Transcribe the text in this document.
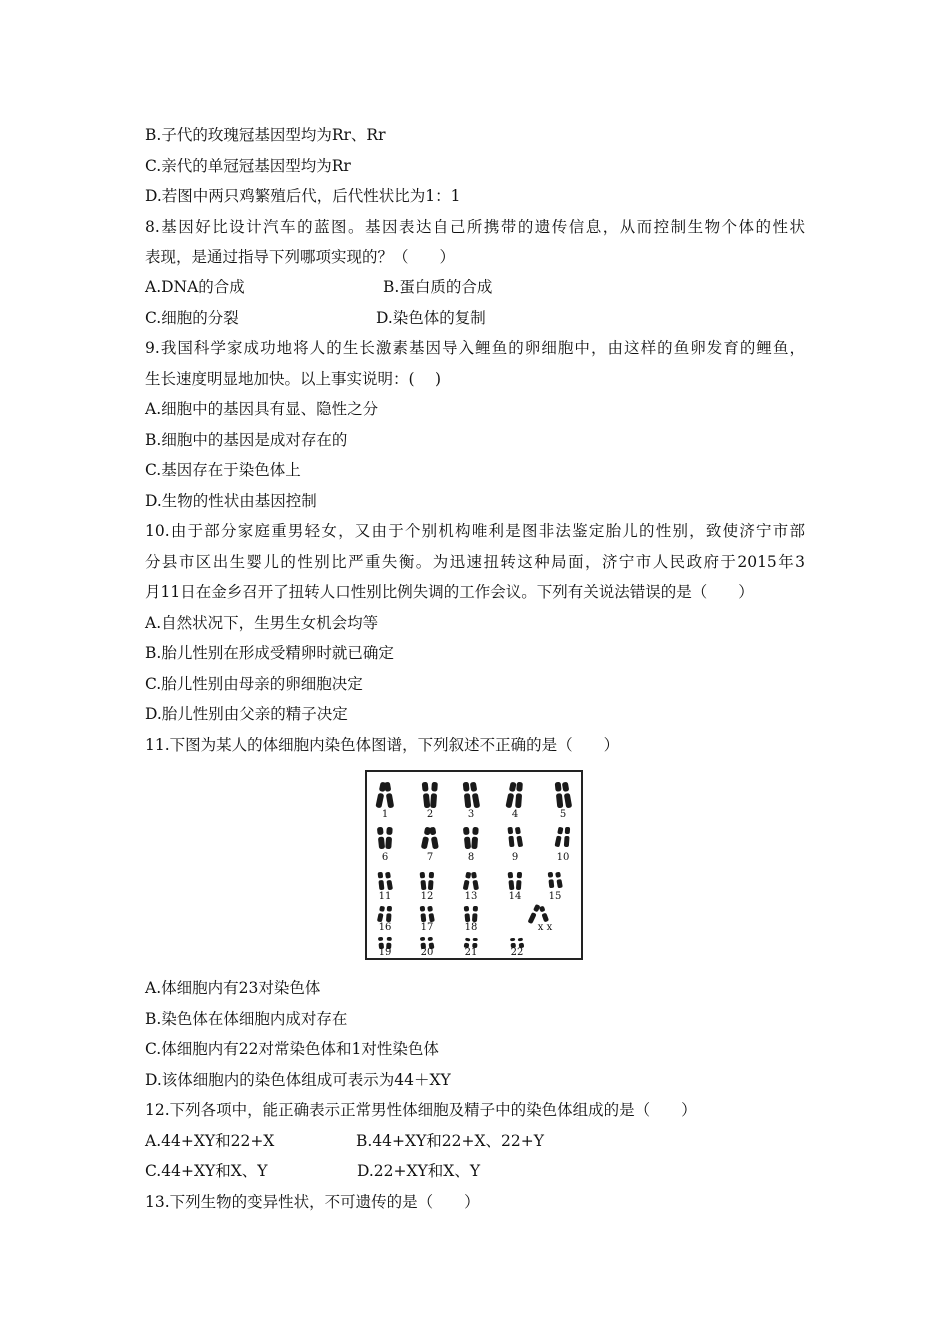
B.子代的玫瑰冠基因型均为Rr、Rr
C.亲代的单冠冠基因型均为Rr
D.若图中两只鸡繁殖后代，后代性状比为1：1
8.基因好比设计汽车的蓝图。基因表达自己所携带的遗传信息，从而控制生物个体的性状
表现，是通过指导下列哪项实现的？（　　）
A.DNA的合成	B.蛋白质的合成
C.细胞的分裂	D.染色体的复制
9.我国科学家成功地将人的生长激素基因导入鲤鱼的卵细胞中，由这样的鱼卵发育的鲤鱼，
生长速度明显地加快。以上事实说明：(　 )
A.细胞中的基因具有显、隐性之分
B.细胞中的基因是成对存在的
C.基因存在于染色体上
D.生物的性状由基因控制
10.由于部分家庭重男轻女，又由于个别机构唯利是图非法鉴定胎儿的性别，致使济宁市部
分县市区出生婴儿的性别比严重失衡。为迅速扭转这种局面，济宁市人民政府于2015年3
月11日在金乡召开了扭转人口性别比例失调的工作会议。下列有关说法错误的是（　　）
A.自然状况下，生男生女机会均等
B.胎儿性别在形成受精卵时就已确定
C.胎儿性别由母亲的卵细胞决定
D.胎儿性别由父亲的精子决定
11.下图为某人的体细胞内染色体图谱，下列叙述不正确的是（　　）
1	2	3	4	5
6	7	8	9	10
11	12	13	14	15
16	17	18	x x
19	20	21	22
A.体细胞内有23对染色体
B.染色体在体细胞内成对存在
C.体细胞内有22对常染色体和1对性染色体
D.该体细胞内的染色体组成可表示为44＋XY
12.下列各项中，能正确表示正常男性体细胞及精子中的染色体组成的是（　　）
A.44+XY和22+X	B.44+XY和22+X、22+Y
C.44+XY和X、Y	D.22+XY和X、Y
13.下列生物的变异性状，不可遗传的是（　　）
